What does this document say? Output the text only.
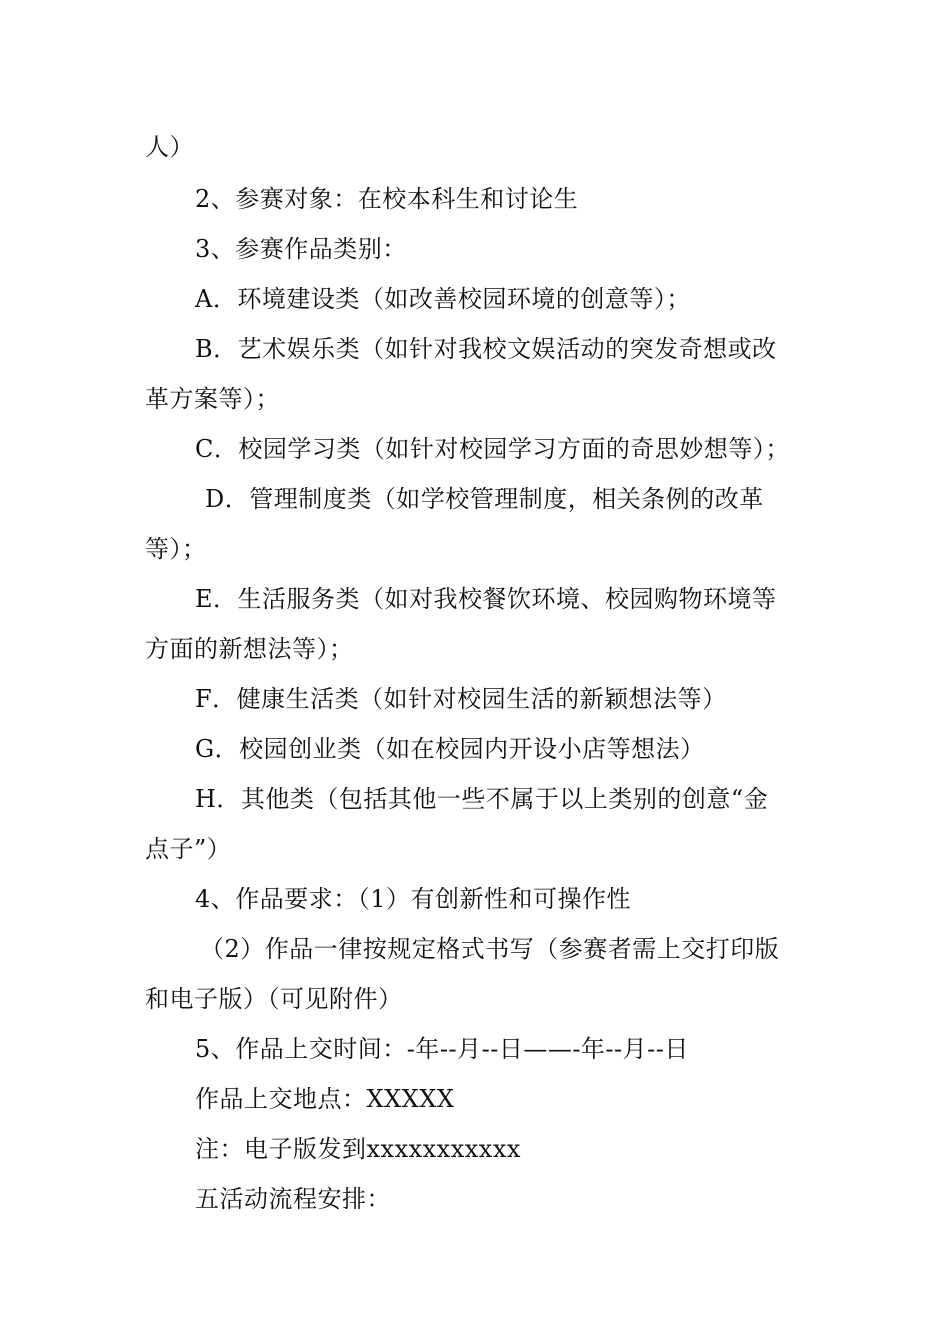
人）
2、参赛对象：在校本科生和讨论生
3、参赛作品类别：
A．环境建设类（如改善校园环境的创意等）；
B．艺术娱乐类（如针对我校文娱活动的突发奇想或改
革方案等）；
C．校园学习类（如针对校园学习方面的奇思妙想等）；
D．管理制度类（如学校管理制度，相关条例的改革
等）；
E．生活服务类（如对我校餐饮环境、校园购物环境等
方面的新想法等）；
F．健康生活类（如针对校园生活的新颖想法等）
G．校园创业类（如在校园内开设小店等想法）
H．其他类（包括其他一些不属于以上类别的创意“金
点子”）
4、作品要求：（1）有创新性和可操作性
（2）作品一律按规定格式书写（参赛者需上交打印版
和电子版）（可见附件）
5、作品上交时间：-年--月--日——-年--月--日
作品上交地点：XXXXX
注：电子版发到xxxxxxxxxxx
五活动流程安排：
